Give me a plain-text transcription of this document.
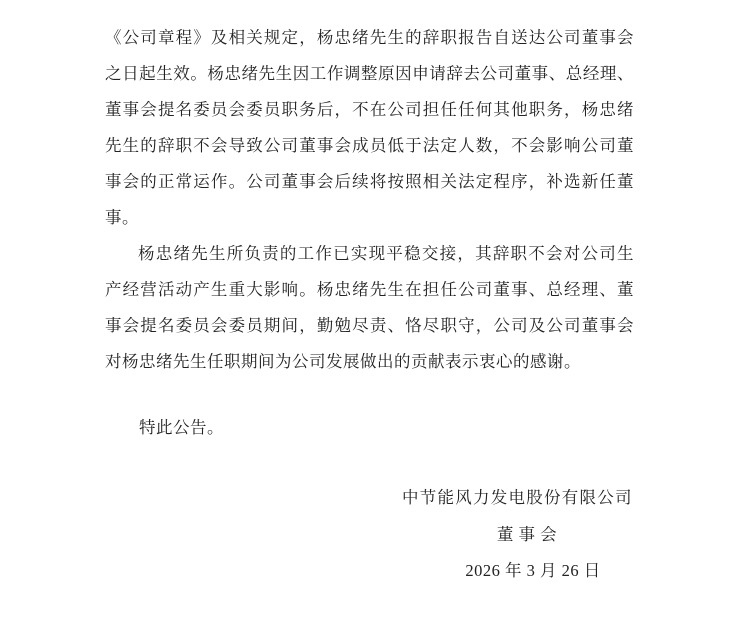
《公司章程》及相关规定，杨忠绪先生的辞职报告自送达公司董事会
之日起生效。杨忠绪先生因工作调整原因申请辞去公司董事、总经理、
董事会提名委员会委员职务后，不在公司担任任何其他职务，杨忠绪
先生的辞职不会导致公司董事会成员低于法定人数，不会影响公司董
事会的正常运作。公司董事会后续将按照相关法定程序，补选新任董
事。
杨忠绪先生所负责的工作已实现平稳交接，其辞职不会对公司生
产经营活动产生重大影响。杨忠绪先生在担任公司董事、总经理、董
事会提名委员会委员期间，勤勉尽责、恪尽职守，公司及公司董事会
对杨忠绪先生任职期间为公司发展做出的贡献表示衷心的感谢。
特此公告。
中节能风力发电股份有限公司
董 事 会
2026 年 3 月 26 日
